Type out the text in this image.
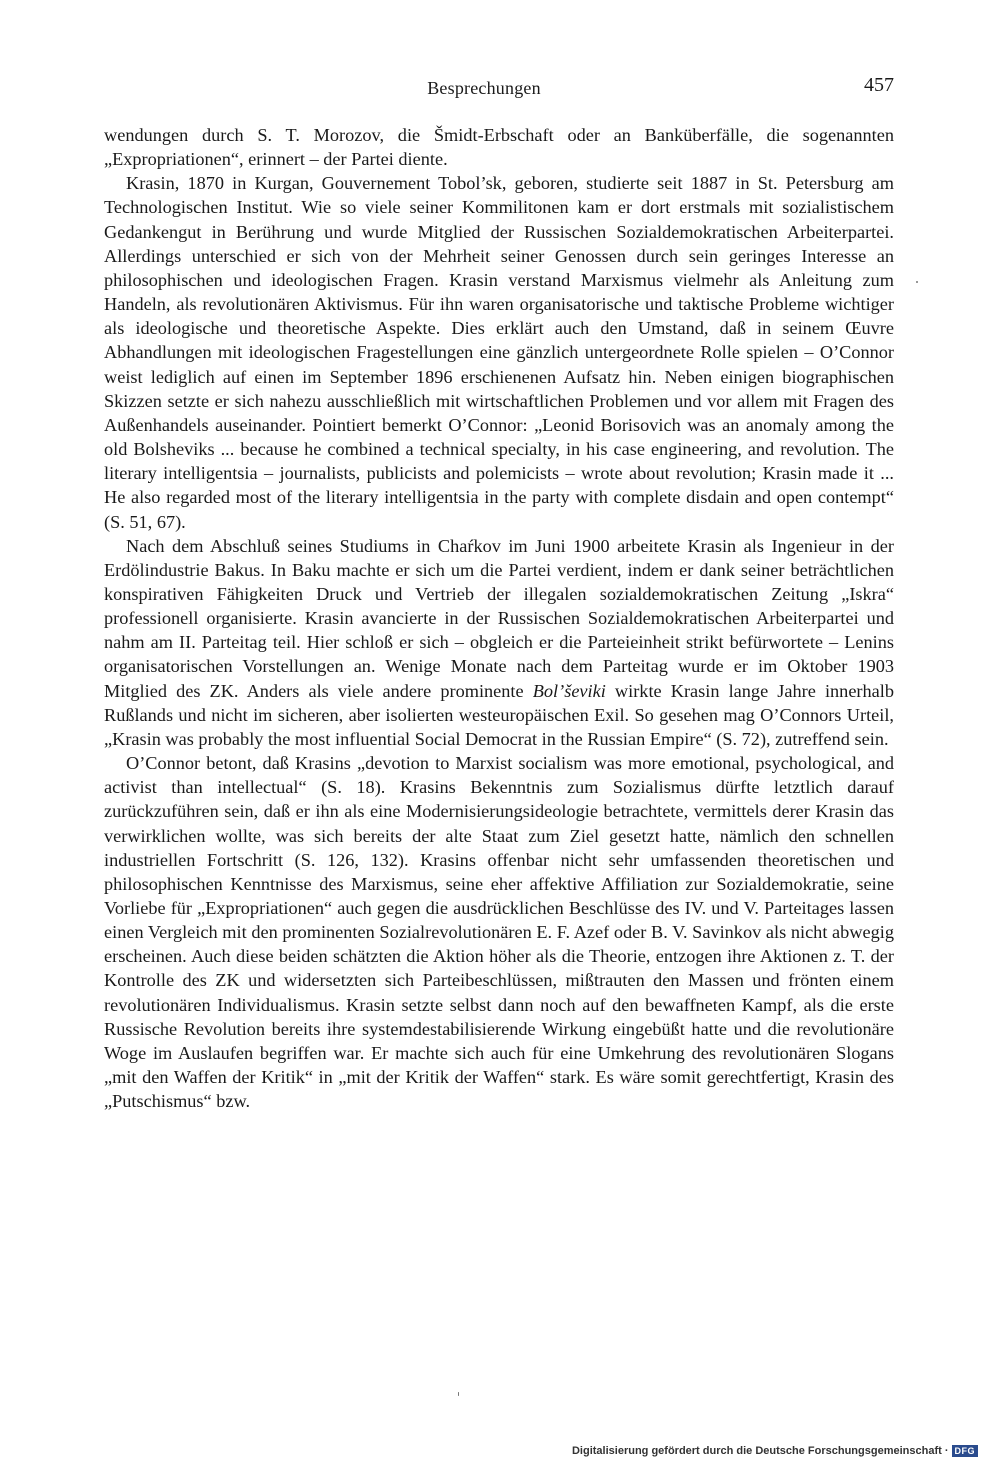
Besprechungen	457

wendungen durch S. T. Morozov, die Šmidt-Erbschaft oder an Banküberfälle, die sogenannten „Expropriationen“, erinnert – der Partei diente.

Krasin, 1870 in Kurgan, Gouvernement Tobol’sk, geboren, studierte seit 1887 in St. Petersburg am Technologischen Institut. Wie so viele seiner Kommilitonen kam er dort erstmals mit sozialistischem Gedankengut in Berührung und wurde Mitglied der Russischen Sozialdemokratischen Arbeiterpartei. Allerdings unterschied er sich von der Mehrheit seiner Genossen durch sein geringes Interesse an philosophischen und ideologischen Fragen. Krasin verstand Marxismus vielmehr als Anleitung zum Handeln, als revolutionären Aktivismus. Für ihn waren organisatorische und taktische Probleme wichtiger als ideologische und theoretische Aspekte. Dies erklärt auch den Umstand, daß in seinem Œuvre Abhandlungen mit ideologischen Fragestellungen eine gänzlich untergeordnete Rolle spielen – O’Connor weist lediglich auf einen im September 1896 erschienenen Aufsatz hin. Neben einigen biographischen Skizzen setzte er sich nahezu ausschließlich mit wirtschaftlichen Problemen und vor allem mit Fragen des Außenhandels auseinander. Pointiert bemerkt O’Connor: „Leonid Borisovich was an anomaly among the old Bolsheviks ... because he combined a technical specialty, in his case engineering, and revolution. The literary intelligentsia – journalists, publicists and polemicists – wrote about revolution; Krasin made it ... He also regarded most of the literary intelligentsia in the party with complete disdain and open contempt“ (S. 51, 67).

Nach dem Abschluß seines Studiums in Chaŕkov im Juni 1900 arbeitete Krasin als Ingenieur in der Erdölindustrie Bakus. In Baku machte er sich um die Partei verdient, indem er dank seiner beträchtlichen konspirativen Fähigkeiten Druck und Vertrieb der illegalen sozialdemokratischen Zeitung „Iskra“ professionell organisierte. Krasin avancierte in der Russischen Sozialdemokratischen Arbeiterpartei und nahm am II. Parteitag teil. Hier schloß er sich – obgleich er die Parteieinheit strikt befürwortete – Lenins organisatorischen Vorstellungen an. Wenige Monate nach dem Parteitag wurde er im Oktober 1903 Mitglied des ZK. Anders als viele andere prominente Bol’ševiki wirkte Krasin lange Jahre innerhalb Rußlands und nicht im sicheren, aber isolierten westeuropäischen Exil. So gesehen mag O’Connors Urteil, „Krasin was probably the most influential Social Democrat in the Russian Empire“ (S. 72), zutreffend sein.

O’Connor betont, daß Krasins „devotion to Marxist socialism was more emotional, psychological, and activist than intellectual“ (S. 18). Krasins Bekenntnis zum Sozialismus dürfte letztlich darauf zurückzuführen sein, daß er ihn als eine Modernisierungsideologie betrachtete, vermittels derer Krasin das verwirklichen wollte, was sich bereits der alte Staat zum Ziel gesetzt hatte, nämlich den schnellen industriellen Fortschritt (S. 126, 132). Krasins offenbar nicht sehr umfassenden theoretischen und philosophischen Kenntnisse des Marxismus, seine eher affektive Affiliation zur Sozialdemokratie, seine Vorliebe für „Expropriationen“ auch gegen die ausdrücklichen Beschlüsse des IV. und V. Parteitages lassen einen Vergleich mit den prominenten Sozialrevolutionären E. F. Azef oder B. V. Savinkov als nicht abwegig erscheinen. Auch diese beiden schätzten die Aktion höher als die Theorie, entzogen ihre Aktionen z. T. der Kontrolle des ZK und widersetzten sich Parteibeschlüssen, mißtrauten den Massen und frönten einem revolutionären Individualismus. Krasin setzte selbst dann noch auf den bewaffneten Kampf, als die erste Russische Revolution bereits ihre systemdestabilisierende Wirkung eingebüßt hatte und die revolutionäre Woge im Auslaufen begriffen war. Er machte sich auch für eine Umkehrung des revolutionären Slogans „mit den Waffen der Kritik“ in „mit der Kritik der Waffen“ stark. Es wäre somit gerechtfertigt, Krasin des „Putschismus“ bzw.

Digitalisierung gefördert durch die Deutsche Forschungsgemeinschaft · DFG
